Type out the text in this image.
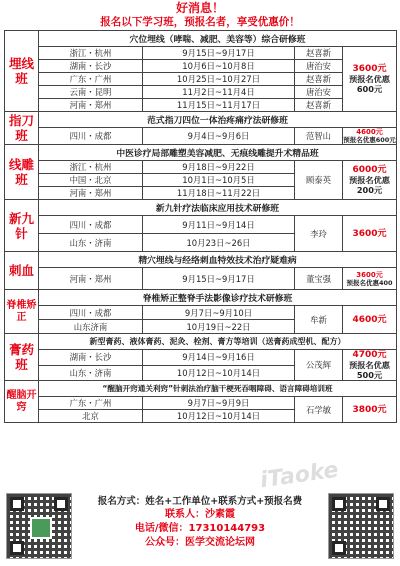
好消息！
报名以下学习班，预报名者，享受优惠价！
埋线班	穴位埋线（哮喘、减肥、美容等）综合研修班			
	浙江・杭州	9月15日~9月17日	赵喜新	3600元
预报名优惠600元

	湖南・长沙	10月6日~10月8日	唐治安	
	广东・广州	10月25日~10月27日	赵喜新	
	云南・昆明	11月2日~11月4日	唐治安	
	河南・郑州	11月15日~11月17日	赵喜新	
指刀班	范式指刀四位一体治疼痛疗法研修班			
	四川・成都	9月4日~9月6日	范智山	4600元
预报名优惠600元

线雕班	中医诊疗局部雕塑美容减肥、无痕线雕提升术精品班			
	浙江・杭州	9月18日~9月22日	顾泰英	6000元
预报名优惠200元

	中国・北京	10月1日~10月5日		
	河南・郑州	11月18日~11月22日		
新九针	新九针疗法临床应用技术研修班			
	四川・成都	9月11日~9月14日	李玲	3600元
	山东・济南	10月23日~26日		
刺血	精穴埋线与经络刺血特效技术治疗疑难病			
	河南・郑州	9月15日~9月17日	董宝强	3600元
预报名优惠400

脊椎矫正	脊椎矫正整脊手法影像诊疗技术研修班			
	四川・成都	9月7日~9月10日	牟新	4600元
	山东济南	10月19日~22日		
膏药班	新型膏药、液体膏药、泥灸、栓剂、膏方等培训（送膏药成型机、配方）			
	湖南・长沙	9月14日~9月16日	公茂辉	4700元
预报名优惠500元

	山东・济南	10月12日~10月14日		
醒脑开窍	“醒脑开窍通关利窍”针刺法治疗脑干梗死吞咽障碍、语言障碍培训班			
	广东・广州	9月7日~9月9日	石学敏	3800元
	北京	10月12日~10月14日		
iTaoke
报名方式：姓名+工作单位+联系方式+预报名费
联系人：沙素霞
电话/微信：17310144793
公众号：医学交流论坛网
